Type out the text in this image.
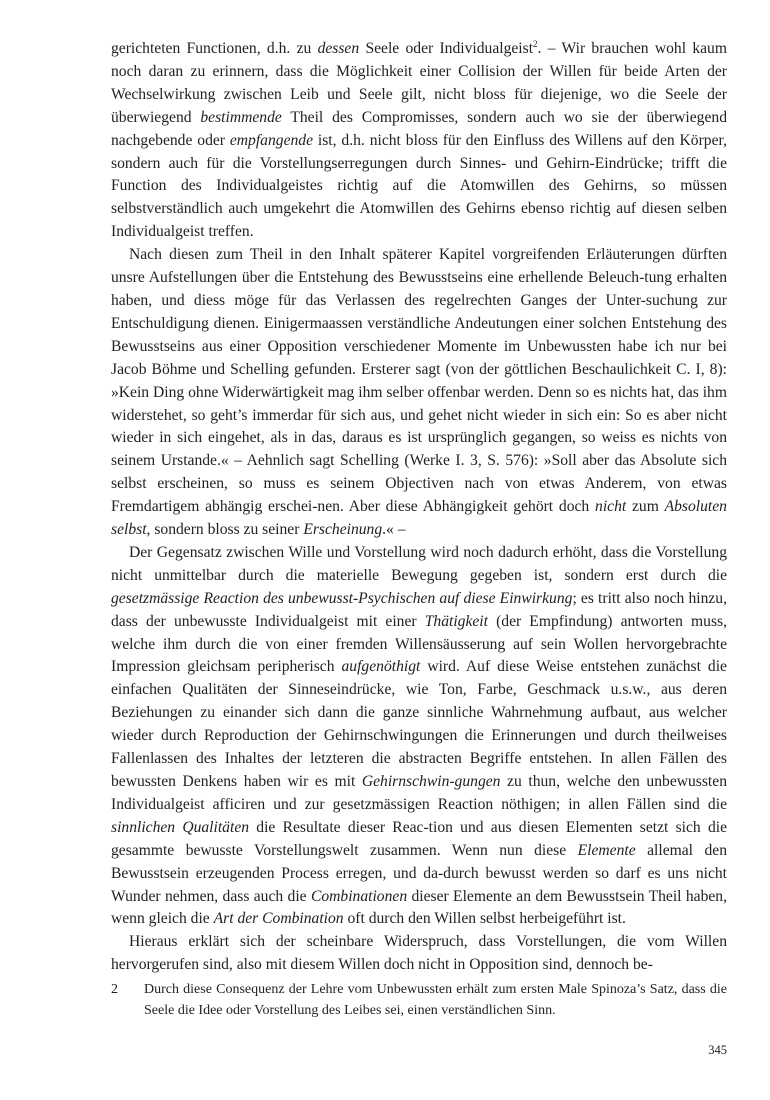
gerichteten Functionen, d.h. zu dessen Seele oder Individualgeist$^2$. – Wir brauchen wohl kaum noch daran zu erinnern, dass die Möglichkeit einer Collision der Willen für beide Arten der Wechselwirkung zwischen Leib und Seele gilt, nicht bloss für diejenige, wo die Seele der überwiegend bestimmende Theil des Compromisses, sondern auch wo sie der überwiegend nachgebende oder empfangende ist, d.h. nicht bloss für den Einfluss des Willens auf den Körper, sondern auch für die Vorstellungserregungen durch Sinnes- und Gehirn-Eindrücke; trifft die Function des Individualgeistes richtig auf die Atomwillen des Gehirns, so müssen selbstverständlich auch umgekehrt die Atomwillen des Gehirns ebenso richtig auf diesen selben Individualgeist treffen.

Nach diesen zum Theil in den Inhalt späterer Kapitel vorgreifenden Erläuterungen dürften unsre Aufstellungen über die Entstehung des Bewusstseins eine erhellende Beleuch-tung erhalten haben, und diess möge für das Verlassen des regelrechten Ganges der Unter-suchung zur Entschuldigung dienen. Einigermaassen verständliche Andeutungen einer solchen Entstehung des Bewusstseins aus einer Opposition verschiedener Momente im Unbewussten habe ich nur bei Jacob Böhme und Schelling gefunden. Ersterer sagt (von der göttlichen Beschaulichkeit C. I, 8): »Kein Ding ohne Widerwärtigkeit mag ihm selber offenbar werden. Denn so es nichts hat, das ihm widerstehet, so geht’s immerdar für sich aus, und gehet nicht wieder in sich ein: So es aber nicht wieder in sich eingehet, als in das, daraus es ist ursprünglich gegangen, so weiss es nichts von seinem Urstande.« – Aehnlich sagt Schelling (Werke I. 3, S. 576): »Soll aber das Absolute sich selbst erscheinen, so muss es seinem Objectiven nach von etwas Anderem, von etwas Fremdartigem abhängig erschei-nen. Aber diese Abhängigkeit gehört doch nicht zum Absoluten selbst, sondern bloss zu seiner Erscheinung.« –

Der Gegensatz zwischen Wille und Vorstellung wird noch dadurch erhöht, dass die Vorstellung nicht unmittelbar durch die materielle Bewegung gegeben ist, sondern erst durch die gesetzmässige Reaction des unbewusst-Psychischen auf diese Einwirkung; es tritt also noch hinzu, dass der unbewusste Individualgeist mit einer Thätigkeit (der Empfindung) antworten muss, welche ihm durch die von einer fremden Willensäusserung auf sein Wollen hervorgebrachte Impression gleichsam peripherisch aufgenöthigt wird. Auf diese Weise entstehen zunächst die einfachen Qualitäten der Sinneseindrücke, wie Ton, Farbe, Geschmack u.s.w., aus deren Beziehungen zu einander sich dann die ganze sinnliche Wahrnehmung aufbaut, aus welcher wieder durch Reproduction der Gehirnschwingungen die Erinnerungen und durch theilweises Fallenlassen des Inhaltes der letzteren die abstracten Begriffe entstehen. In allen Fällen des bewussten Denkens haben wir es mit Gehirnschwin-gungen zu thun, welche den unbewussten Individualgeist afficiren und zur gesetzmässigen Reaction nöthigen; in allen Fällen sind die sinnlichen Qualitäten die Resultate dieser Reac-tion und aus diesen Elementen setzt sich die gesammte bewusste Vorstellungswelt zusammen. Wenn nun diese Elemente allemal den Bewusstsein erzeugenden Process erregen, und da-durch bewusst werden so darf es uns nicht Wunder nehmen, dass auch die Combinationen dieser Elemente an dem Bewusstsein Theil haben, wenn gleich die Art der Combination oft durch den Willen selbst herbeigeführt ist.

Hieraus erklärt sich der scheinbare Widerspruch, dass Vorstellungen, die vom Willen hervorgerufen sind, also mit diesem Willen doch nicht in Opposition sind, dennoch be-

2 Durch diese Consequenz der Lehre vom Unbewussten erhält zum ersten Male Spinoza’s Satz, dass die Seele die Idee oder Vorstellung des Leibes sei, einen verständlichen Sinn.
345
